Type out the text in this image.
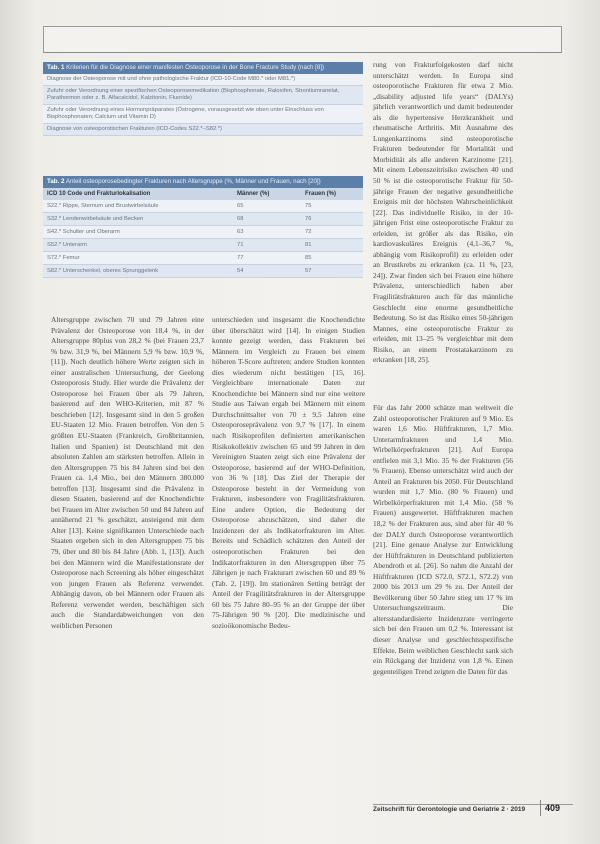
Tab. 1 Kriterien für die Diagnose einer manifesten Osteoporose in der Bone Fracture Study (nach [8])
Diagnose der Osteoporose mit und ohne pathologische Fraktur (ICD-10-Code M80.* oder M81.*)
Zufuhr oder Verordnung einer spezifischen Osteoporosemedikation (Bisphosphonate, Raloxifen, Strontiumranelat, Parathormon oder z. B. Alfacalcidol, Kalzitonin, Fluoride)
Zufuhr oder Verordnung eines Hormonpräparates (Östrogene, vorausgesetzt wie oben unter Einschluss von Bisphosphonaten; Calcium und Vitamin D)
Diagnose von osteoporotischen Frakturen (ICD-Codes S22.*–S82.*)
Tab. 2 Anteil osteoporosebedingter Frakturen nach Altersgruppe (%, Männer und Frauen, nach [20])
ICD 10 Code und Frakturlokalisation	Männer (%)	Frauen (%)
S22.* Rippe, Sternum und Brustwirbelsäule	65	75
S32.* Lendenwirbelsäule und Becken	68	76
S42.* Schulter und Oberarm	63	72
S52.* Unterarm	71	81
S72.* Femur	77	85
S82.* Unterschenkel, oberes Sprunggelenk	54	57

rung von Frakturfolgekosten darf nicht unterschätzt werden. In Europa sind osteoporotische Frakturen für etwa 2 Mio. „disability adjusted life years“ (DALYs) jährlich verantwortlich und damit bedeutender als die hypertensive Herzkrankheit und rheumatische Arthritis. Mit Ausnahme des Lungenkarzinoms sind osteoporotische Frakturen bedeutender für Mortalität und Morbidität als alle anderen Karzinome [21]. Mit einem Lebenszeitrisiko zwischen 40 und 50 % ist die osteoporotische Fraktur für 50-jährige Frauen der negative gesundheitliche Ereignis mit der höchsten Wahrscheinlichkeit [22]. Das individuelle Risiko, in der 10-jährigen Frist eine osteoporotische Fraktur zu erleiden, ist größer als das Risiko, ein kardiovaskuläres Ereignis (4,1–36,7 %, abhängig vom Risikoprofil) zu erleiden oder an Brustkrebs zu erkranken (ca. 11 %, [23, 24]). Zwar finden sich bei Frauen eine höhere Prävalenz, unterschiedlich haben aber Fragilitätsfrakturen auch für das männliche Geschlecht eine enorme gesundheitliche Bedeutung. So ist das Risiko eines 50-jährigen Mannes, eine osteoporotische Fraktur zu erleiden, mit 13–25 % vergleichbar mit dem Risiko, an einem Prostatakarzinom zu erkranken [18, 25].

Altersgruppe zwischen 70 und 79 Jahren eine Prävalenz der Osteoporose von 18,4 %, in der Altersgruppe 80plus von 28,2 % (bei Frauen 23,7 % bzw. 31,9 %, bei Männern 5,9 % bzw. 10,9 %, [11]). Noch deutlich höhere Werte zeigten sich in einer australischen Untersuchung, der Geelong Osteoporosis Study. Hier wurde die Prävalenz der Osteoporose bei Frauen über als 79 Jahren, basierend auf den WHO-Kriterien, mit 87 % beschrieben [12]. Insgesamt sind in den 5 großen EU-Staaten 12 Mio. Frauen betroffen. Von den 5 größten EU-Staaten (Frankreich, Großbritannien, Italien und Spanien) ist Deutschland mit den absoluten Zahlen am stärksten betroffen. Allein in den Altersgruppen 75 bis 84 Jahren sind bei den Frauen ca. 1,4 Mio., bei den Männern 380.000 betroffen [13]. Insgesamt sind die Prävalenz in diesen Staaten, basierend auf der Knochendichte bei Frauen im Alter zwischen 50 und 84 Jahren auf annähernd 21 % geschätzt, ansteigend mit dem Alter [13]. Keine signifikanten Unterschiede nach Staaten ergeben sich in den Altersgruppen 75 bis 79, über und 80 bis 84 Jahre (Abb. 1, [13]). Auch bei den Männern wird die Manifestationsrate der Osteoporose nach Screening als höher eingeschätzt von jungen Frauen als Referenz verwendet. Abhängig davon, ob bei Männern oder Frauen als Referenz verwendet werden, beschäftigen sich auch die Standardabweichungen von den weiblichen Personen

unterschieden und insgesamt die Knochendichte über überschätzt wird [14]. In einigen Studien konnte gezeigt werden, dass Frakturen bei Männern im Vergleich zu Frauen bei einem höheren T-Score auftreten; andere Studien konnten dies wiederum nicht bestätigen [15, 16]. Vergleichbare internationale Daten zur Knochendichte bei Männern sind nur eine weitere Studie aus Taiwan ergab bei Männern mit einem Durchschnittsalter von 70 ± 9,5 Jahren eine Osteoporoseprävalenz von 9,7 % [17]. In einem nach Risikoprofilen definierten amerikanischen Risikokollektiv zwischen 65 und 99 Jahren in den Vereinigten Staaten zeigt sich eine Prävalenz der Osteoporose, basierend auf der WHO-Definition, von 36 % [18]. Das Ziel der Therapie der Osteoporose besteht in der Vermeidung von Frakturen, insbesondere von Fragilitätsfrakturen. Eine andere Option, die Bedeutung der Osteoporose abzuschätzen, sind daher die Inzidenzen der als Indikatorfrakturen im Alter. Bereits und Schädlich schätzten den Anteil der osteoporotischen Frakturen bei den Indikatorfrakturen in den Altersgruppen über 75 Jährigen je nach Frakturart zwischen 60 und 89 % (Tab. 2, [19]). Im stationären Setting beträgt der Anteil der Fragilitätsfrakturen in der Altersgruppe 60 bis 75 Jahre 80–95 % an der Gruppe der über 75-Jährigen 90 % [20]. Die medizinische und sozioökonomische Bedeu-

Für das Jahr 2000 schätze man weltweit die Zahl osteoporotischer Frakturen auf 9 Mio. Es waren 1,6 Mio. Hüftfrakturen, 1,7 Mio. Unterarmfrakturen und 1,4 Mio. Wirbelkörperfrakturen [21]. Auf Europa entfielen mit 3,1 Mio. 35 % der Frakturen (56 % Frauen). Ebenso unterschätzt wird auch der Anteil an Frakturen bis 2050. Für Deutschland wurden mit 1,7 Mio. (80 % Frauen) und Wirbelkörperfrakturen mit 1,4 Mio. (58 % Frauen) ausgewertet. Hüftfrakturen machen 18,2 % der Frakturen aus, sind aber für 40 % der DALY durch Osteoporose verantwortlich [21]. Eine genaue Analyse zur Entwicklung der Hüftfrakturen in Deutschland publizierten Abendroth et al. [26]. So nahm die Anzahl der Hüftfrakturen (ICD S72.0, S72.1, S72.2) von 2000 bis 2013 um 29 % zu. Der Anteil der Bevölkerung über 50 Jahre stieg um 17 % im Untersuchungszeitraum. Die altersstandardisierte Inzidenzrate verringerte sich bei den Frauen um 0,2 %. Interessant ist dieser Analyse und geschlechtsspezifische Effekte. Beim weiblichen Geschlecht sank sich ein Rückgang der Inzidenz von 1,8 %. Einen gegenteiligen Trend zeigten die Daten für das

Zeitschrift für Gerontologie und Geriatrie 2 · 2019 409
